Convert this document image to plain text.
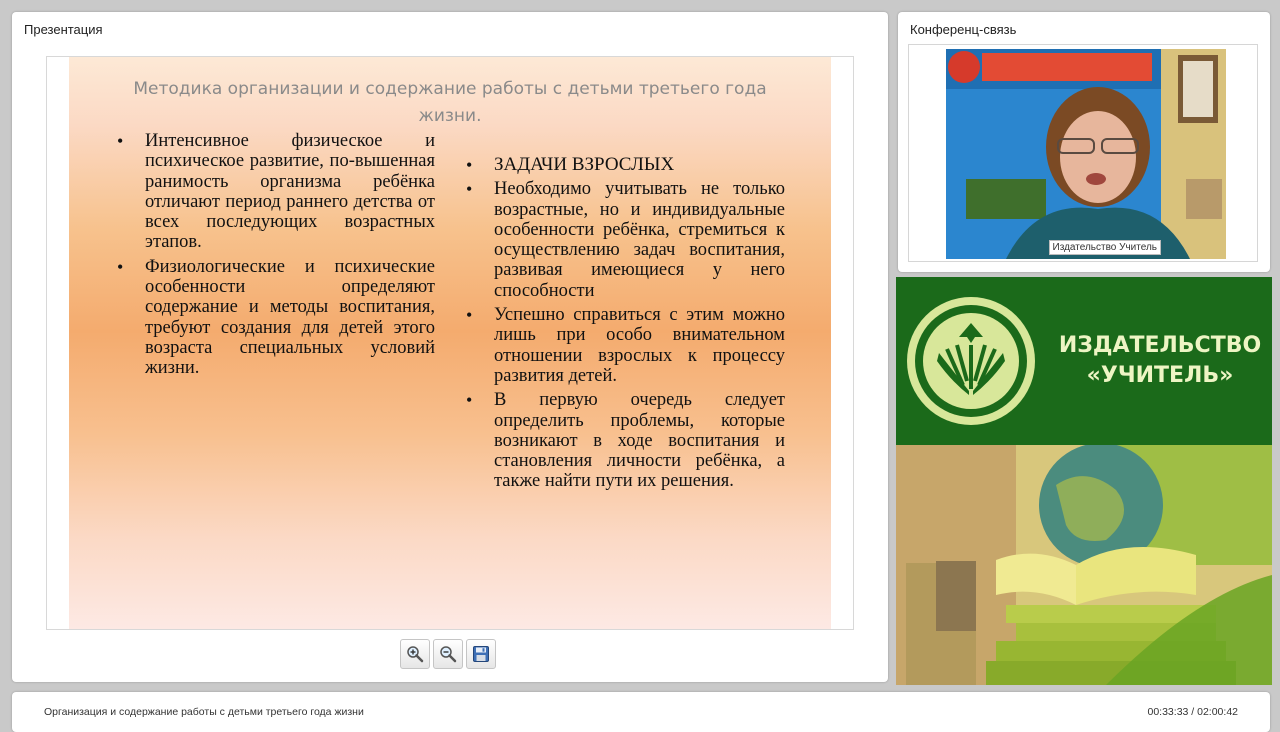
Презентация
Методика организации и содержание работы с детьми третьего года жизни.
• Интенсивное физическое и психическое развитие, по-вышенная ранимость организма ребёнка отличают период раннего детства от всех последующих возрастных этапов.
• Физиологические и психические особенности определяют содержание и методы воспитания, требуют создания для детей этого возраста специальных условий жизни.
• ЗАДАЧИ ВЗРОСЛЫХ
• Необходимо учитывать не только возрастные, но и индивидуальные особенности ребёнка, стремиться к осуществлению задач воспитания, развивая имеющиеся у него способности
• Успешно справиться с этим можно лишь при особо внимательном отношении взрослых к процессу развития детей.
• В первую очередь следует определить проблемы, которые возникают в ходе воспитания и становления личности ребёнка, а также найти пути их решения.
Конференц-связь
Издательство Учитель
ИЗДАТЕЛЬСТВО
«УЧИТЕЛЬ»
Организация и содержание работы с детьми третьего года жизни	00:33:33 / 02:00:42
